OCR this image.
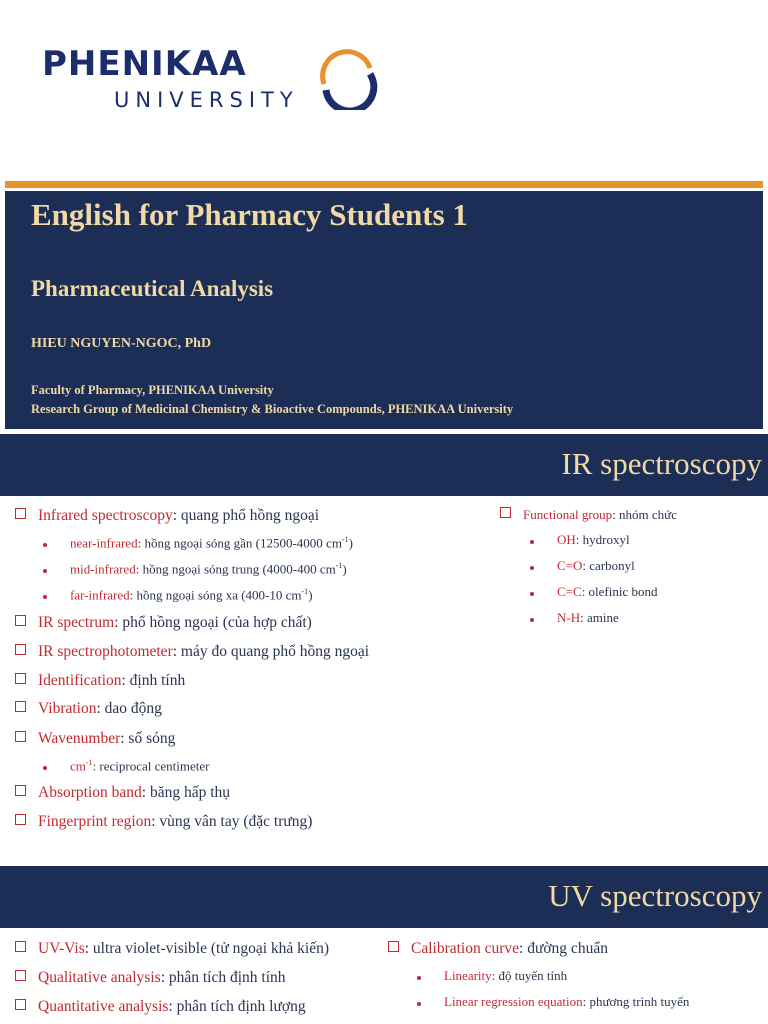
PHENIKAA
UNIVERSITY
English for Pharmacy Students 1
Pharmaceutical Analysis
HIEU NGUYEN-NGOC, PhD
Faculty of Pharmacy, PHENIKAA University
Research Group of Medicinal Chemistry & Bioactive Compounds, PHENIKAA University
IR spectroscopy
Infrared spectroscopy: quang phổ hồng ngoại
near-infrared: hồng ngoại sóng gần (12500-4000 $cm^{-1}$)
mid-infrared: hồng ngoại sóng trung (4000-400 $cm^{-1}$)
far-infrared: hồng ngoại sóng xa (400-10 $cm^{-1}$)
IR spectrum: phổ hồng ngoại (của hợp chất)
IR spectrophotometer: máy đo quang phổ hồng ngoại
Identification: định tính
Vibration: dao động
Wavenumber: số sóng
$cm^{-1}$: reciprocal centimeter
Absorption band: băng hấp thụ
Fingerprint region: vùng vân tay (đặc trưng)
Functional group: nhóm chức
OH: hydroxyl
C=O: carbonyl
C=C: olefinic bond
N-H: amine
UV spectroscopy
UV-Vis: ultra violet-visible (tử ngoại khả kiến)
Qualitative analysis: phân tích định tính
Quantitative analysis: phân tích định lượng
Calibration curve: đường chuẩn
Linearity: độ tuyến tính
Linear regression equation: phương trình tuyến
